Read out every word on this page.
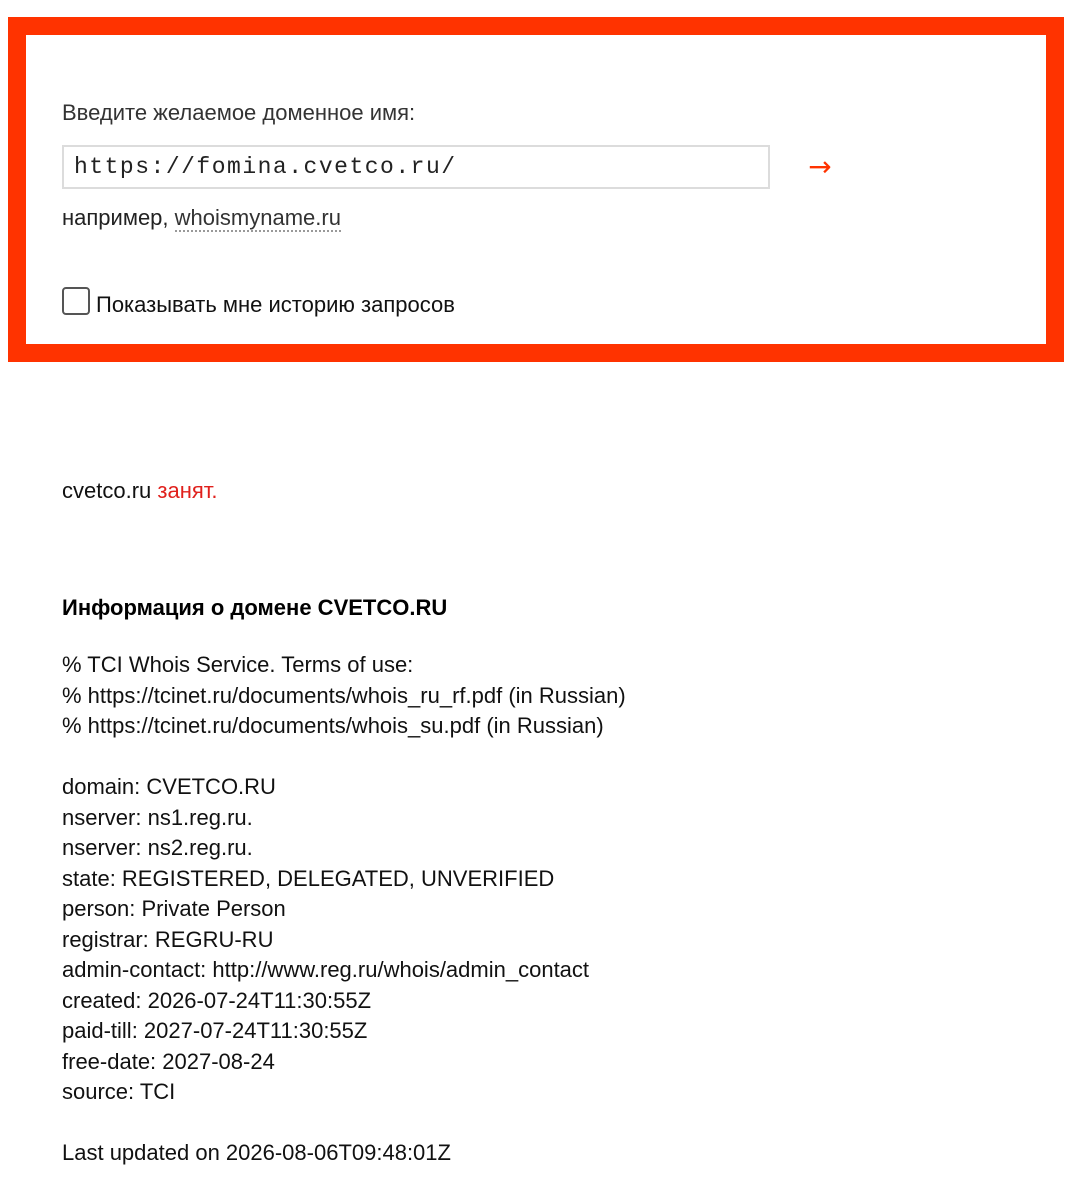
Введите желаемое доменное имя:
https://fomina.cvetco.ru/
→
например, whoismyname.ru
Показывать мне историю запросов
cvetco.ru занят.
Информация о домене CVETCO.RU
% TCI Whois Service. Terms of use:
% https://tcinet.ru/documents/whois_ru_rf.pdf (in Russian)
% https://tcinet.ru/documents/whois_su.pdf (in Russian)
domain: CVETCO.RU
nserver: ns1.reg.ru.
nserver: ns2.reg.ru.
state: REGISTERED, DELEGATED, UNVERIFIED
person: Private Person
registrar: REGRU-RU
admin-contact: http://www.reg.ru/whois/admin_contact
created: 2026-07-24T11:30:55Z
paid-till: 2027-07-24T11:30:55Z
free-date: 2027-08-24
source: TCI
Last updated on 2026-08-06T09:48:01Z
